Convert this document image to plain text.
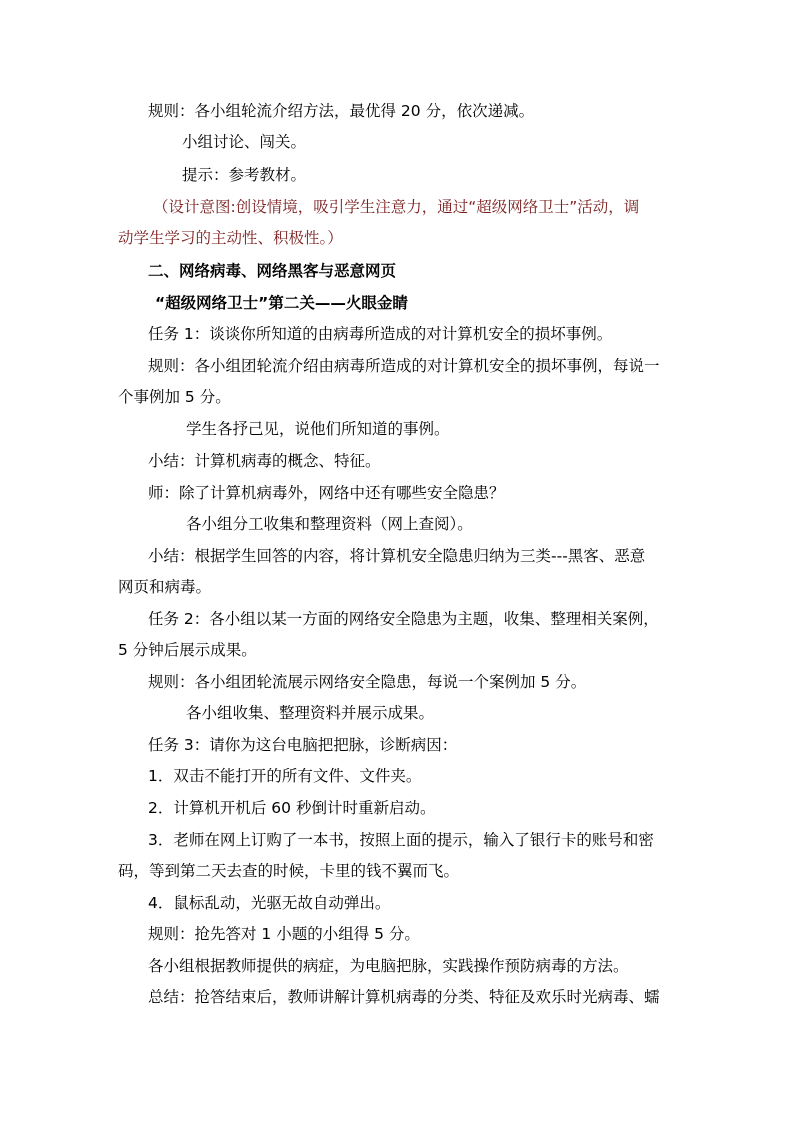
规则：各小组轮流介绍方法，最优得 20 分，依次递减。
小组讨论、闯关。
提示：参考教材。
（设计意图:创设情境，吸引学生注意力，通过“超级网络卫士”活动，调
动学生学习的主动性、积极性。）
二、网络病毒、网络黑客与恶意网页
“超级网络卫士”第二关——火眼金睛
任务 1：谈谈你所知道的由病毒所造成的对计算机安全的损坏事例。
规则：各小组团轮流介绍由病毒所造成的对计算机安全的损坏事例，每说一
个事例加 5 分。
学生各抒己见，说他们所知道的事例。
小结：计算机病毒的概念、特征。
师：除了计算机病毒外，网络中还有哪些安全隐患？
各小组分工收集和整理资料（网上查阅）。
小结：根据学生回答的内容，将计算机安全隐患归纳为三类---黑客、恶意
网页和病毒。
任务 2：各小组以某一方面的网络安全隐患为主题，收集、整理相关案例，
5 分钟后展示成果。
规则：各小组团轮流展示网络安全隐患，每说一个案例加 5 分。
各小组收集、整理资料并展示成果。
任务 3：请你为这台电脑把把脉，诊断病因：
1．双击不能打开的所有文件、文件夹。
2．计算机开机后 60 秒倒计时重新启动。
3．老师在网上订购了一本书，按照上面的提示，输入了银行卡的账号和密
码，等到第二天去查的时候，卡里的钱不翼而飞。
4．鼠标乱动，光驱无故自动弹出。
规则：抢先答对 1 小题的小组得 5 分。
各小组根据教师提供的病症，为电脑把脉，实践操作预防病毒的方法。
总结：抢答结束后，教师讲解计算机病毒的分类、特征及欢乐时光病毒、蠕
